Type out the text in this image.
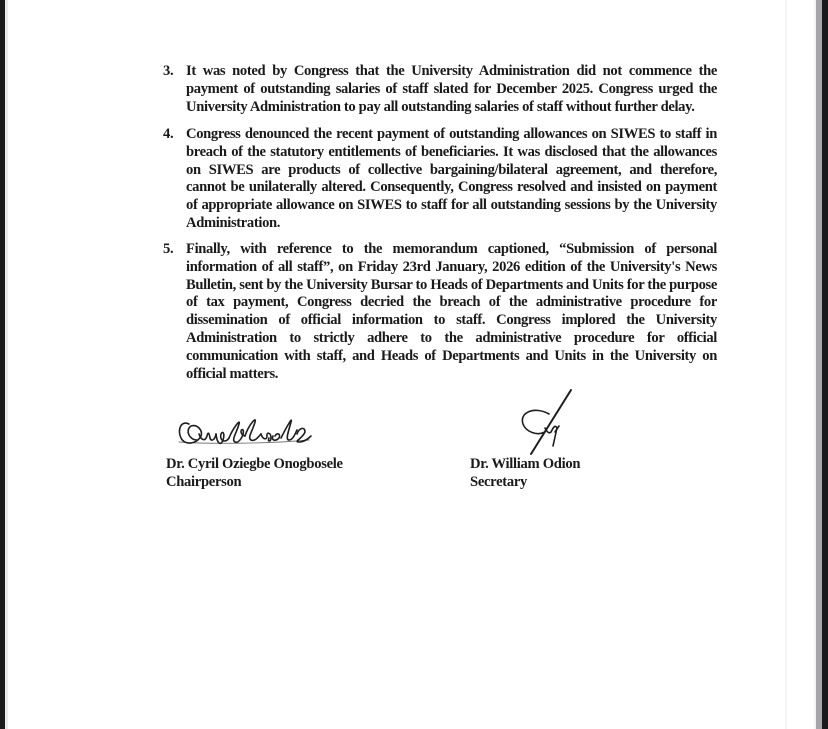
3. It was noted by Congress that the University Administration did not commence the payment of outstanding salaries of staff slated for December 2025. Congress urged the University Administration to pay all outstanding salaries of staff without further delay.
4. Congress denounced the recent payment of outstanding allowances on SIWES to staff in breach of the statutory entitlements of beneficiaries. It was disclosed that the allowances on SIWES are products of collective bargaining/bilateral agreement, and therefore, cannot be unilaterally altered. Consequently, Congress resolved and insisted on payment of appropriate allowance on SIWES to staff for all outstanding sessions by the University Administration.
5. Finally, with reference to the memorandum captioned, “Submission of personal information of all staff”, on Friday 23rd January, 2026 edition of the University's News Bulletin, sent by the University Bursar to Heads of Departments and Units for the purpose of tax payment, Congress decried the breach of the administrative procedure for dissemination of official information to staff. Congress implored the University Administration to strictly adhere to the administrative procedure for official communication with staff, and Heads of Departments and Units in the University on official matters.
Dr. Cyril Oziegbe Onogbosele
Chairperson
Dr. William Odion
Secretary
